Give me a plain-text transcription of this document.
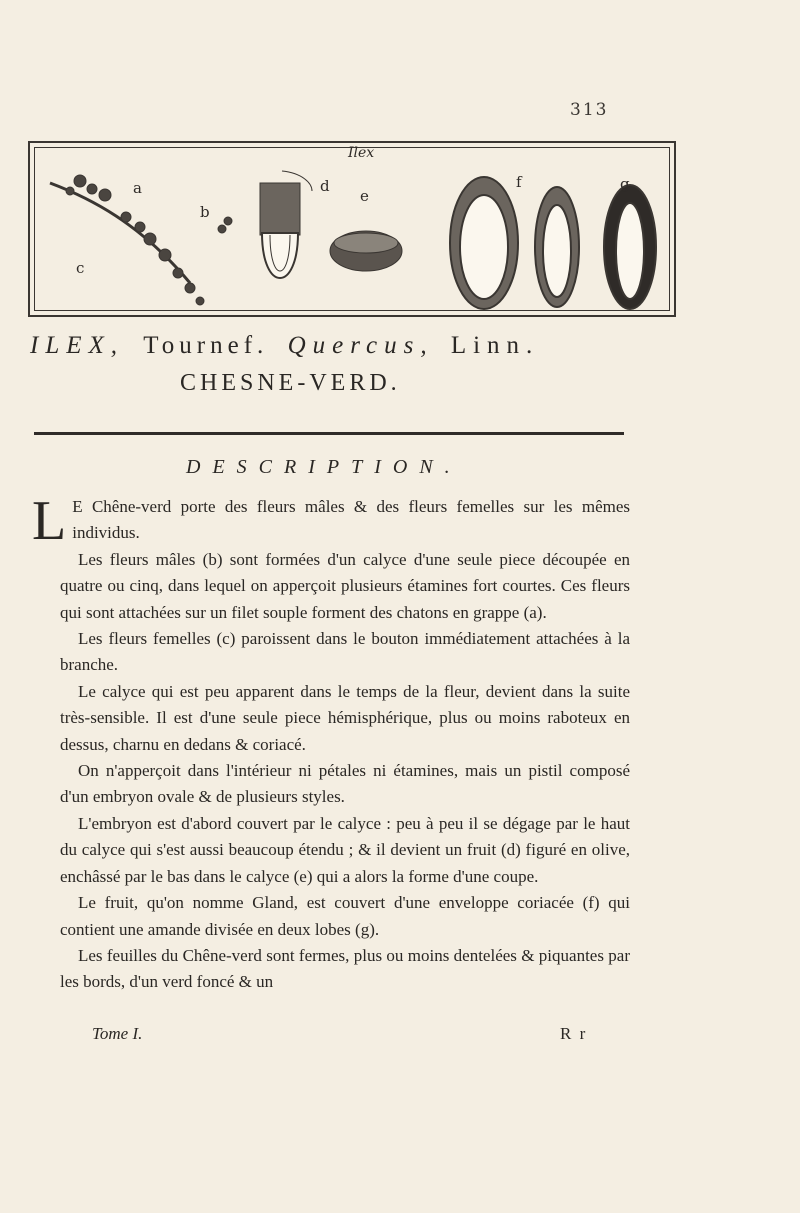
313
Ilex
a
b
c
d
e
f	g
ILEX, Tournef. Quercus, Linn.
CHESNE-VERD.
DESCRIPTION.

L E Chêne-verd porte des fleurs mâles & des fleurs femelles sur les mêmes individus.

Les fleurs mâles (b) sont formées d'un calyce d'une seule piece découpée en quatre ou cinq, dans lequel on apperçoit plusieurs étamines fort courtes. Ces fleurs qui sont attachées sur un filet souple forment des chatons en grappe (a).

Les fleurs femelles (c) paroissent dans le bouton immédiatement attachées à la branche.

Le calyce qui est peu apparent dans le temps de la fleur, devient dans la suite très-sensible. Il est d'une seule piece hémisphérique, plus ou moins raboteux en dessus, charnu en dedans & coriacé.

On n'apperçoit dans l'intérieur ni pétales ni étamines, mais un pistil composé d'un embryon ovale & de plusieurs styles.

L'embryon est d'abord couvert par le calyce : peu à peu il se dégage par le haut du calyce qui s'est aussi beaucoup étendu ; & il devient un fruit (d) figuré en olive, enchâssé par le bas dans le calyce (e) qui a alors la forme d'une coupe.

Le fruit, qu'on nomme Gland, est couvert d'une enveloppe coriacée (f) qui contient une amande divisée en deux lobes (g).

Les feuilles du Chêne-verd sont fermes, plus ou moins dentelées & piquantes par les bords, d'un verd foncé & un

Tome I.	R r
